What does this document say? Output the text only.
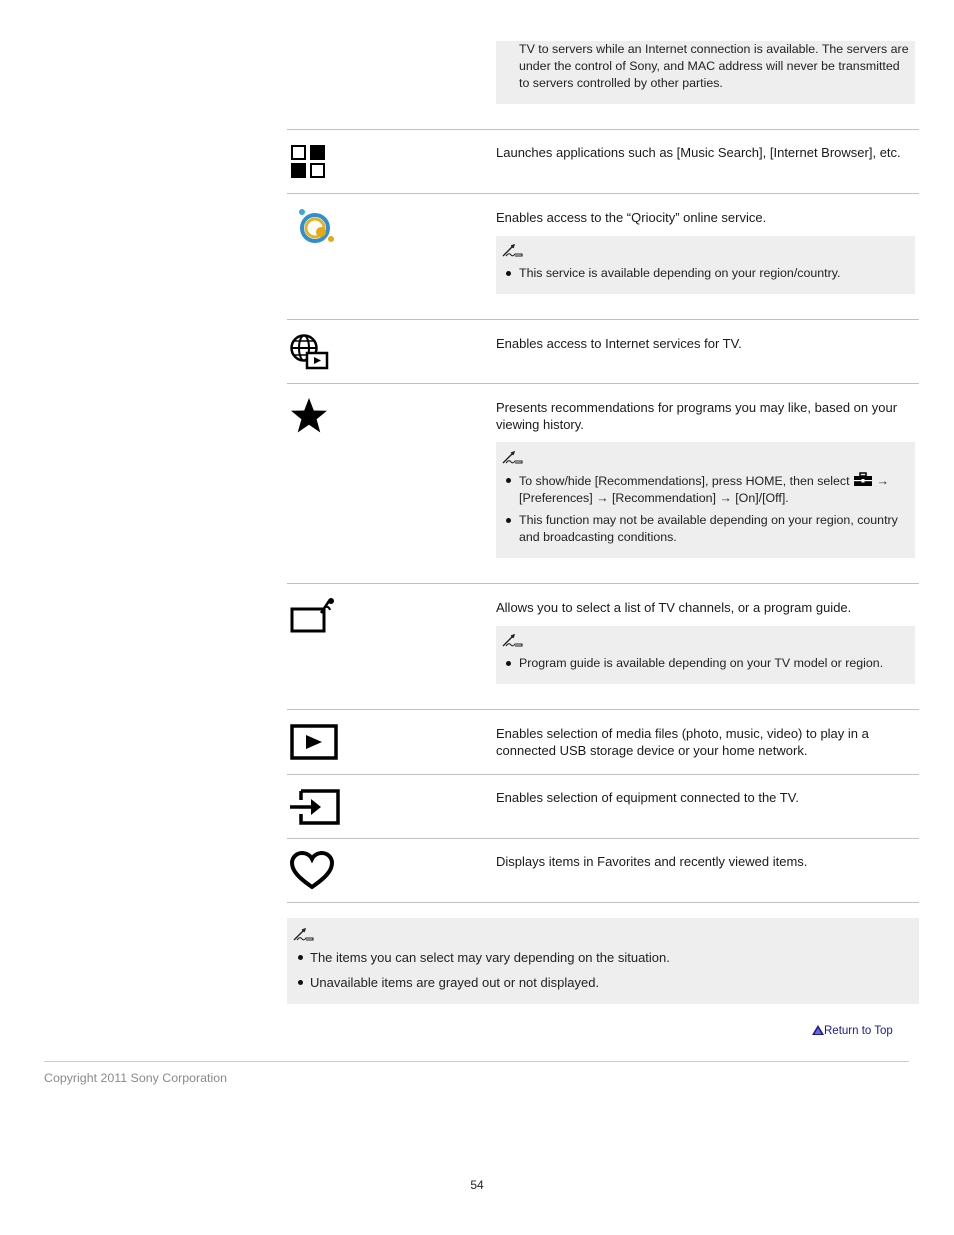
TV to servers while an Internet connection is available. The servers are under the control of Sony, and MAC address will never be transmitted to servers controlled by other parties.
Launches applications such as [Music Search], [Internet Browser], etc.
Enables access to the “Qriocity” online service.
This service is available depending on your region/country.
Enables access to Internet services for TV.
Presents recommendations for programs you may like, based on your viewing history.
To show/hide [Recommendations], press HOME, then select → [Preferences] → [Recommendation] → [On]/[Off].
This function may not be available depending on your region, country and broadcasting conditions.
Allows you to select a list of TV channels, or a program guide.
Program guide is available depending on your TV model or region.
Enables selection of media files (photo, music, video) to play in a connected USB storage device or your home network.
Enables selection of equipment connected to the TV.
Displays items in Favorites and recently viewed items.
The items you can select may vary depending on the situation.
Unavailable items are grayed out or not displayed.
Return to Top
Copyright 2011 Sony Corporation
54
